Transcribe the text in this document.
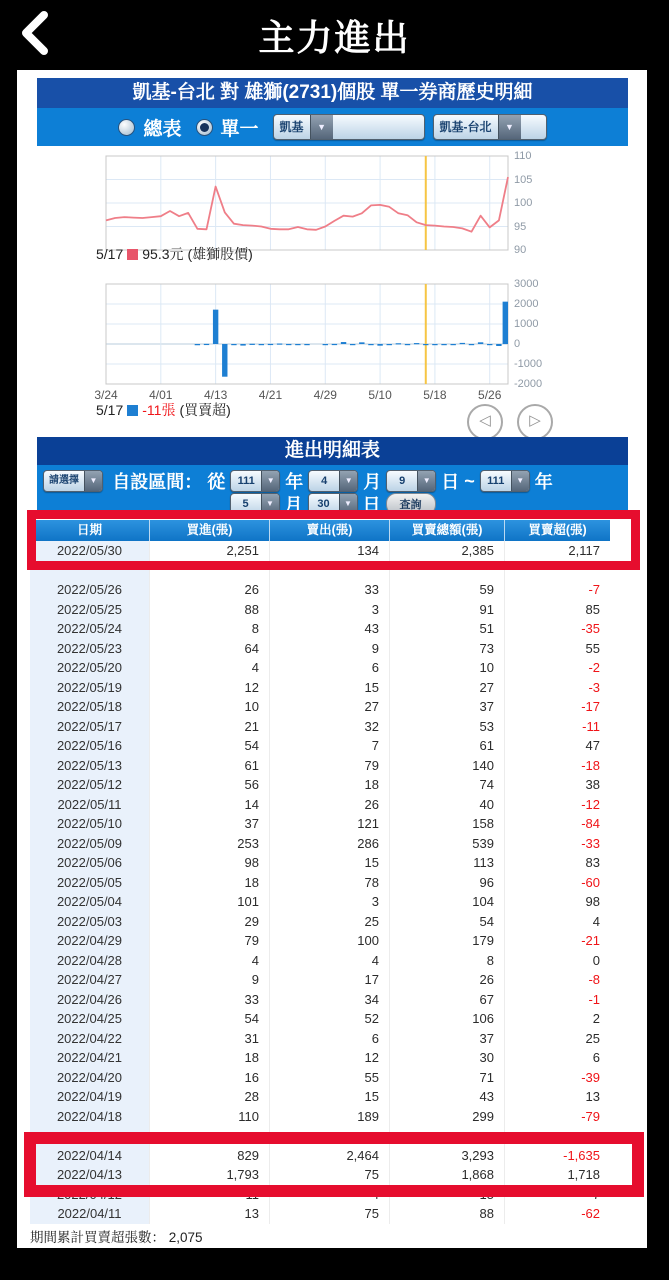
主力進出
凱基-台北 對 雄獅(2731)個股 單一券商歷史明細
總表 單一	凱基	▼	凱基-台北	▼
110
105
100
95
90
5/17 95.3元 (雄獅股價)
3000
2000
1000
0
-1000
-2000
3/24	4/01	4/13	4/21	4/29	5/10	5/18	5/26
5/17 -11張 (買賣超)
◁	▷
進出明細表
請選擇	▼ 自設區間： 從	111	▼ 年	4	▼ 月	9	▼ 日 ~	111	▼ 年
5	▼ 月	30	▼ 日	查詢
日期	買進(張)	賣出(張)	買賣總額(張)	買賣超(張)
2022/05/30	2,251	134	2,385	2,117
2022/05/26	26	33	59	-7
2022/05/25	88	3	91	85
2022/05/24	8	43	51	-35
2022/05/23	64	9	73	55
2022/05/20	4	6	10	-2
2022/05/19	12	15	27	-3
2022/05/18	10	27	37	-17
2022/05/17	21	32	53	-11
2022/05/16	54	7	61	47
2022/05/13	61	79	140	-18
2022/05/12	56	18	74	38
2022/05/11	14	26	40	-12
2022/05/10	37	121	158	-84
2022/05/09	253	286	539	-33
2022/05/06	98	15	113	83
2022/05/05	18	78	96	-60
2022/05/04	101	3	104	98
2022/05/03	29	25	54	4
2022/04/29	79	100	179	-21
2022/04/28	4	4	8	0
2022/04/27	9	17	26	-8
2022/04/26	33	34	67	-1
2022/04/25	54	52	106	2
2022/04/22	31	6	37	25
2022/04/21	18	12	30	6
2022/04/20	16	55	71	-39
2022/04/19	28	15	43	13
2022/04/18	110	189	299	-79
2022/04/14	829	2,464	3,293	-1,635
2022/04/13	1,793	75	1,868	1,718
2022/04/12	11	4	15	7
2022/04/11	13	75	88	-62
期間累計買賣超張數： 2,075
